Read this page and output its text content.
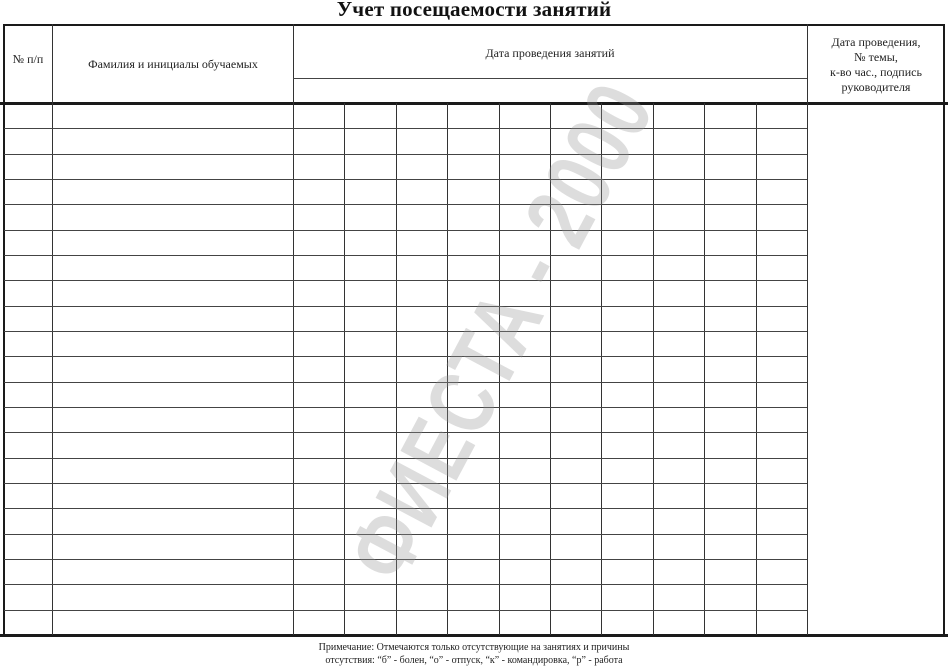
Учет посещаемости занятий
№ п/п	Фамилия и инициалы обучаемых
Дата проведения занятий
Дата проведения,
№ темы,
к-во час., подпись
руководителя
ФИЕСТА - 2000
Примечание: Отмечаются только отсутствующие на занятиях и причины
отсутствия: “б” - болен, “о” - отпуск, “к” - командировка, “р” - работа
